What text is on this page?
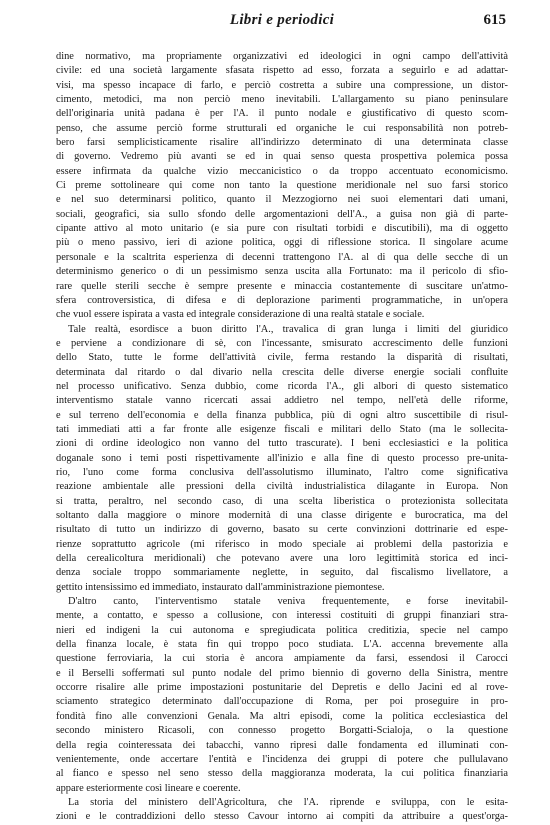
Libri e periodici	615
dine normativo, ma propriamente organizzativi ed ideologici in ogni campo dell'attività
civile: ed una società largamente sfasata rispetto ad esso, forzata a seguirlo e ad adattar-
visi, ma spesso incapace di farlo, e perciò costretta a subire una compressione, un distor-
cimento, metodici, ma non perciò meno inevitabili. L'allargamento su piano peninsulare
dell'originaria unità padana è per l'A. il punto nodale e giustificativo di questo scom-
penso, che assume perciò forme strutturali ed organiche le cui responsabilità non potreb-
bero farsi semplicisticamente risalire all'indirizzo determinato di una determinata classe
di governo. Vedremo più avanti se ed in quai senso questa prospettiva polemica possa
essere infirmata da qualche vizio meccanicistico o da troppo accentuato economicismo.
Ci preme sottolineare qui come non tanto la questione meridionale nel suo farsi storico
e nel suo determinarsi politico, quanto il Mezzogiorno nei suoi elementari dati umani,
sociali, geografici, sia sullo sfondo delle argomentazioni dell'A., a guisa non già di parte-
cipante attivo al moto unitario (e sia pure con risultati torbidi e discutibili), ma di oggetto
più o meno passivo, ieri di azione politica, oggi di riflessione storica. Il singolare acume
personale e la scaltrita esperienza di decenni trattengono l'A. al di qua delle secche di un
determinismo generico o di un pessimismo senza uscita alla Fortunato: ma il pericolo di sfio-
rare quelle sterili secche è sempre presente e minaccia costantemente di suscitare un'atmo-
sfera controversistica, di difesa e di deplorazione parimenti programmatiche, in un'opera
che vuol essere ispirata a vasta ed integrale considerazione di una realtà statale e sociale.
Tale realtà, esordisce a buon diritto l'A., travalica di gran lunga i limiti del giuridico
e perviene a condizionare di sè, con l'incessante, smisurato accrescimento delle funzioni
dello Stato, tutte le forme dell'attività civile, ferma restando la disparità di risultati,
determinata dal ritardo o dal divario nella crescita delle diverse energie sociali confluite
nel processo unificativo. Senza dubbio, come ricorda l'A., gli albori di questo sistematico
interventismo statale vanno ricercati assai addietro nel tempo, nell'età delle riforme,
e sul terreno dell'economia e della finanza pubblica, più di ogni altro suscettibile di risul-
tati immediati atti a far fronte alle esigenze fiscali e militari dello Stato (ma le sollecita-
zioni di ordine ideologico non vanno del tutto trascurate). I beni ecclesiastici e la politica
doganale sono i temi posti rispettivamente all'inizio e alla fine di questo processo pre-unita-
rio, l'uno come forma conclusiva dell'assolutismo illuminato, l'altro come significativa
reazione ambientale alle pressioni della civiltà industrialistica dilagante in Europa. Non
si tratta, peraltro, nel secondo caso, di una scelta liberistica o protezionista sollecitata
soltanto dalla maggiore o minore modernità di una classe dirigente e burocratica, ma del
risultato di tutto un indirizzo di governo, basato su certe convinzioni dottrinarie ed espe-
rienze soprattutto agricole (mi riferisco in modo speciale ai problemi della pastorizia e
della cerealicoltura meridionali) che potevano avere una loro legittimità storica ed inci-
denza sociale troppo sommariamente neglette, in seguito, dal fiscalismo livellatore, a
gettito intensissimo ed immediato, instaurato dall'amministrazione piemontese.
D'altro canto, l'interventismo statale veniva frequentemente, e forse inevitabil-
mente, a contatto, e spesso a collusione, con interessi costituiti di gruppi finanziari stra-
nieri ed indigeni la cui autonoma e spregiudicata politica creditizia, specie nel campo
della finanza locale, è stata fin qui troppo poco studiata. L'A. accenna brevemente alla
questione ferroviaria, la cui storia è ancora ampiamente da farsi, essendosi il Carocci
e il Berselli soffermati sul punto nodale del primo biennio di governo della Sinistra, mentre
occorre risalire alle prime impostazioni postunitarie del Depretis e dello Jacini ed al rove-
sciamento strategico determinato dall'occupazione di Roma, per poi proseguire in pro-
fondità fino alle convenzioni Genala. Ma altri episodi, come la politica ecclesiastica del
secondo ministero Ricasoli, con connesso progetto Borgatti-Scialoja, o la questione
della regia cointeressata dei tabacchi, vanno ripresi dalle fondamenta ed illuminati con-
venientemente, onde accertare l'entità e l'incidenza dei gruppi di potere che pullulavano
al fianco e spesso nel seno stesso della maggioranza moderata, la cui politica finanziaria
appare esteriormente così lineare e coerente.
La storia del ministero dell'Agricoltura, che l'A. riprende e sviluppa, con le esita-
zioni e le contraddizioni dello stesso Cavour intorno ai compiti da attribuire a quest'orga-
